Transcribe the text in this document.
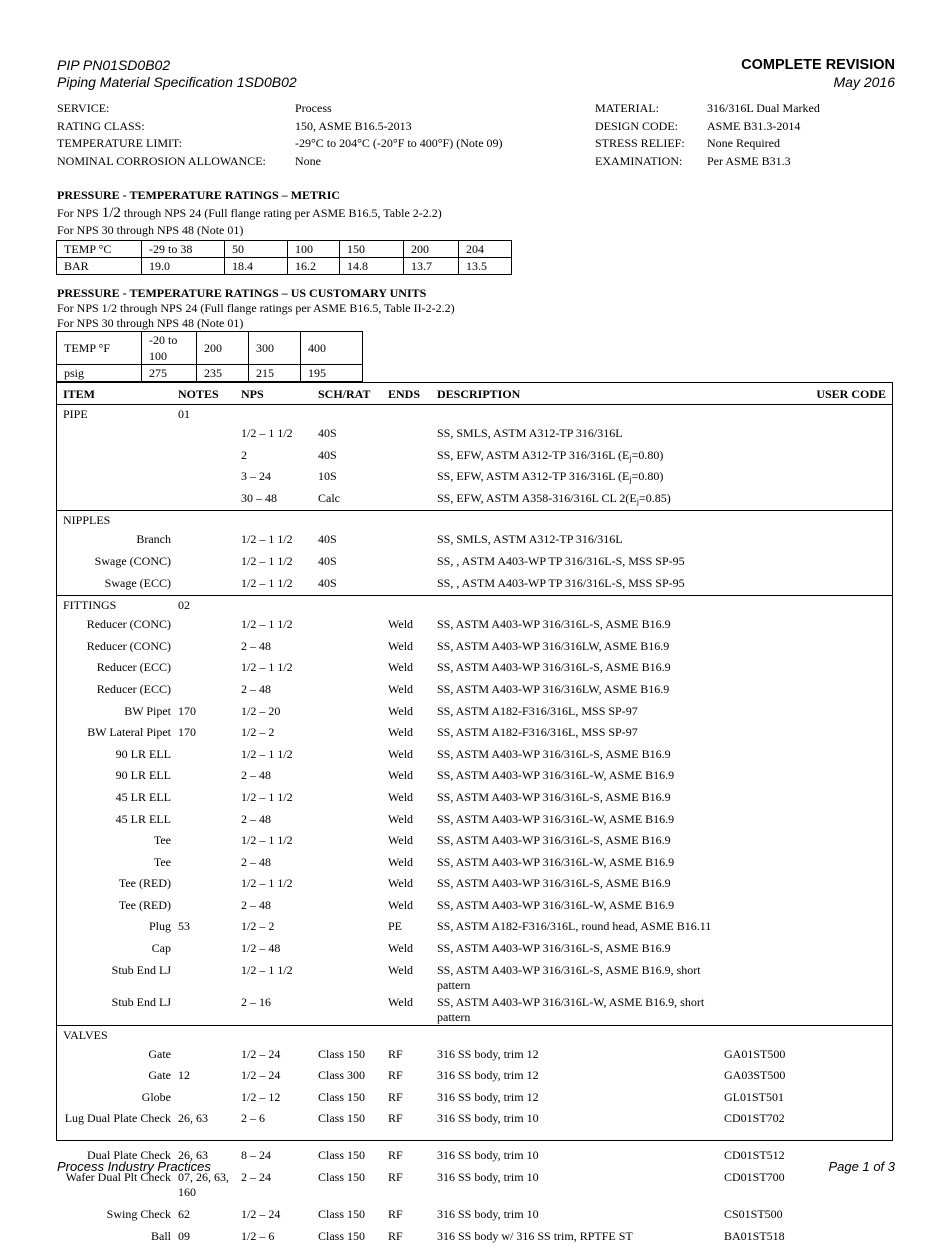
PIP PN01SD0B02
Piping Material Specification 1SD0B02
COMPLETE REVISION
May 2016
SERVICE:	Process
RATING CLASS:	150, ASME B16.5-2013
TEMPERATURE LIMIT:	-29°C to 204°C (-20°F to 400°F) (Note 09)
NOMINAL CORROSION ALLOWANCE:	None
MATERIAL:	316/316L Dual Marked
DESIGN CODE:	ASME B31.3-2014
STRESS RELIEF:	None Required
EXAMINATION:	Per ASME B31.3
PRESSURE - TEMPERATURE RATINGS – METRIC
For NPS 1/2 through NPS 24 (Full flange rating per ASME B16.5, Table 2-2.2)
For NPS 30 through NPS 48 (Note 01)
TEMP °C	-29 to 38	50	100	150	200	204
BAR	19.0	18.4	16.2	14.8	13.7	13.5
PRESSURE - TEMPERATURE RATINGS – US CUSTOMARY UNITS
For NPS 1/2 through NPS 24 (Full flange ratings per ASME B16.5, Table II-2-2.2)
For NPS 30 through NPS 48 (Note 01)
TEMP °F	-20 to 100	200	300	400
psig	275	235	215	195
ITEM	NOTES	NPS	SCH/RAT	ENDS	DESCRIPTION	USER CODE
PIPE	01					
		1/2 – 1 1/2	40S		SS, SMLS, ASTM A312-TP 316/316L	
		2	40S		SS, EFW, ASTM A312-TP 316/316L $(E_j=0.80)$	
		3 – 24	10S		SS, EFW, ASTM A312-TP 316/316L $(E_j=0.80)$	
		30 – 48	Calc		SS, EFW, ASTM A358-316/316L CL $2(E_j=0.85)$	
NIPPLES						
Branch		1/2 – 1 1/2	40S		SS, SMLS, ASTM A312-TP 316/316L	
Swage (CONC)		1/2 – 1 1/2	40S		SS, , ASTM A403-WP TP 316/316L-S, MSS SP-95	
Swage (ECC)		1/2 – 1 1/2	40S		SS, , ASTM A403-WP TP 316/316L-S, MSS SP-95	
FITTINGS	02					
Reducer (CONC)		1/2 – 1 1/2		Weld	SS, ASTM A403-WP 316/316L-S, ASME B16.9	
Reducer (CONC)		2 – 48		Weld	SS, ASTM A403-WP 316/316LW, ASME B16.9	
Reducer (ECC)		1/2 – 1 1/2		Weld	SS, ASTM A403-WP 316/316L-S, ASME B16.9	
Reducer (ECC)		2 – 48		Weld	SS, ASTM A403-WP 316/316LW, ASME B16.9	
BW Pipet	170	1/2 – 20		Weld	SS, ASTM A182-F316/316L, MSS SP-97	
BW Lateral Pipet	170	1/2 – 2		Weld	SS, ASTM A182-F316/316L, MSS SP-97	
90 LR ELL		1/2 – 1 1/2		Weld	SS, ASTM A403-WP 316/316L-S, ASME B16.9	
90 LR ELL		2 – 48		Weld	SS, ASTM A403-WP 316/316L-W, ASME B16.9	
45 LR ELL		1/2 – 1 1/2		Weld	SS, ASTM A403-WP 316/316L-S, ASME B16.9	
45 LR ELL		2 – 48		Weld	SS, ASTM A403-WP 316/316L-W, ASME B16.9	
Tee		1/2 – 1 1/2		Weld	SS, ASTM A403-WP 316/316L-S, ASME B16.9	
Tee		2 – 48		Weld	SS, ASTM A403-WP 316/316L-W, ASME B16.9	
Tee (RED)		1/2 – 1 1/2		Weld	SS, ASTM A403-WP 316/316L-S, ASME B16.9	
Tee (RED)		2 – 48		Weld	SS, ASTM A403-WP 316/316L-W, ASME B16.9	
Plug	53	1/2 – 2		PE	SS, ASTM A182-F316/316L, round head, ASME B16.11	
Cap		1/2 – 48		Weld	SS, ASTM A403-WP 316/316L-S, ASME B16.9	
Stub End LJ		1/2 – 1 1/2		Weld	SS, ASTM A403-WP 316/316L-S, ASME B16.9, short pattern	
Stub End LJ		2 – 16		Weld	SS, ASTM A403-WP 316/316L-W, ASME B16.9, short pattern	
VALVES						
Gate		1/2 – 24	Class 150	RF	316 SS body, trim 12	GA01ST500
Gate	12	1/2 – 24	Class 300	RF	316 SS body, trim 12	GA03ST500
Globe		1/2 – 12	Class 150	RF	316 SS body, trim 12	GL01ST501
Lug Dual Plate Check	26, 63	2 – 6	Class 150	RF	316 SS body, trim 10	CD01ST702
Dual Plate Check	26, 63	8 – 24	Class 150	RF	316 SS body, trim 10	CD01ST512
Wafer Dual Plt Check	07, 26, 63, 160	2 – 24	Class 150	RF	316 SS body, trim 10	CD01ST700
Swing Check	62	1/2 – 24	Class 150	RF	316 SS body, trim 10	CS01ST500
Ball	09	1/2 – 6	Class 150	RF	316 SS body w/ 316 SS trim, RPTFE ST	BA01ST518
Process Industry Practices	Page 1 of 3
